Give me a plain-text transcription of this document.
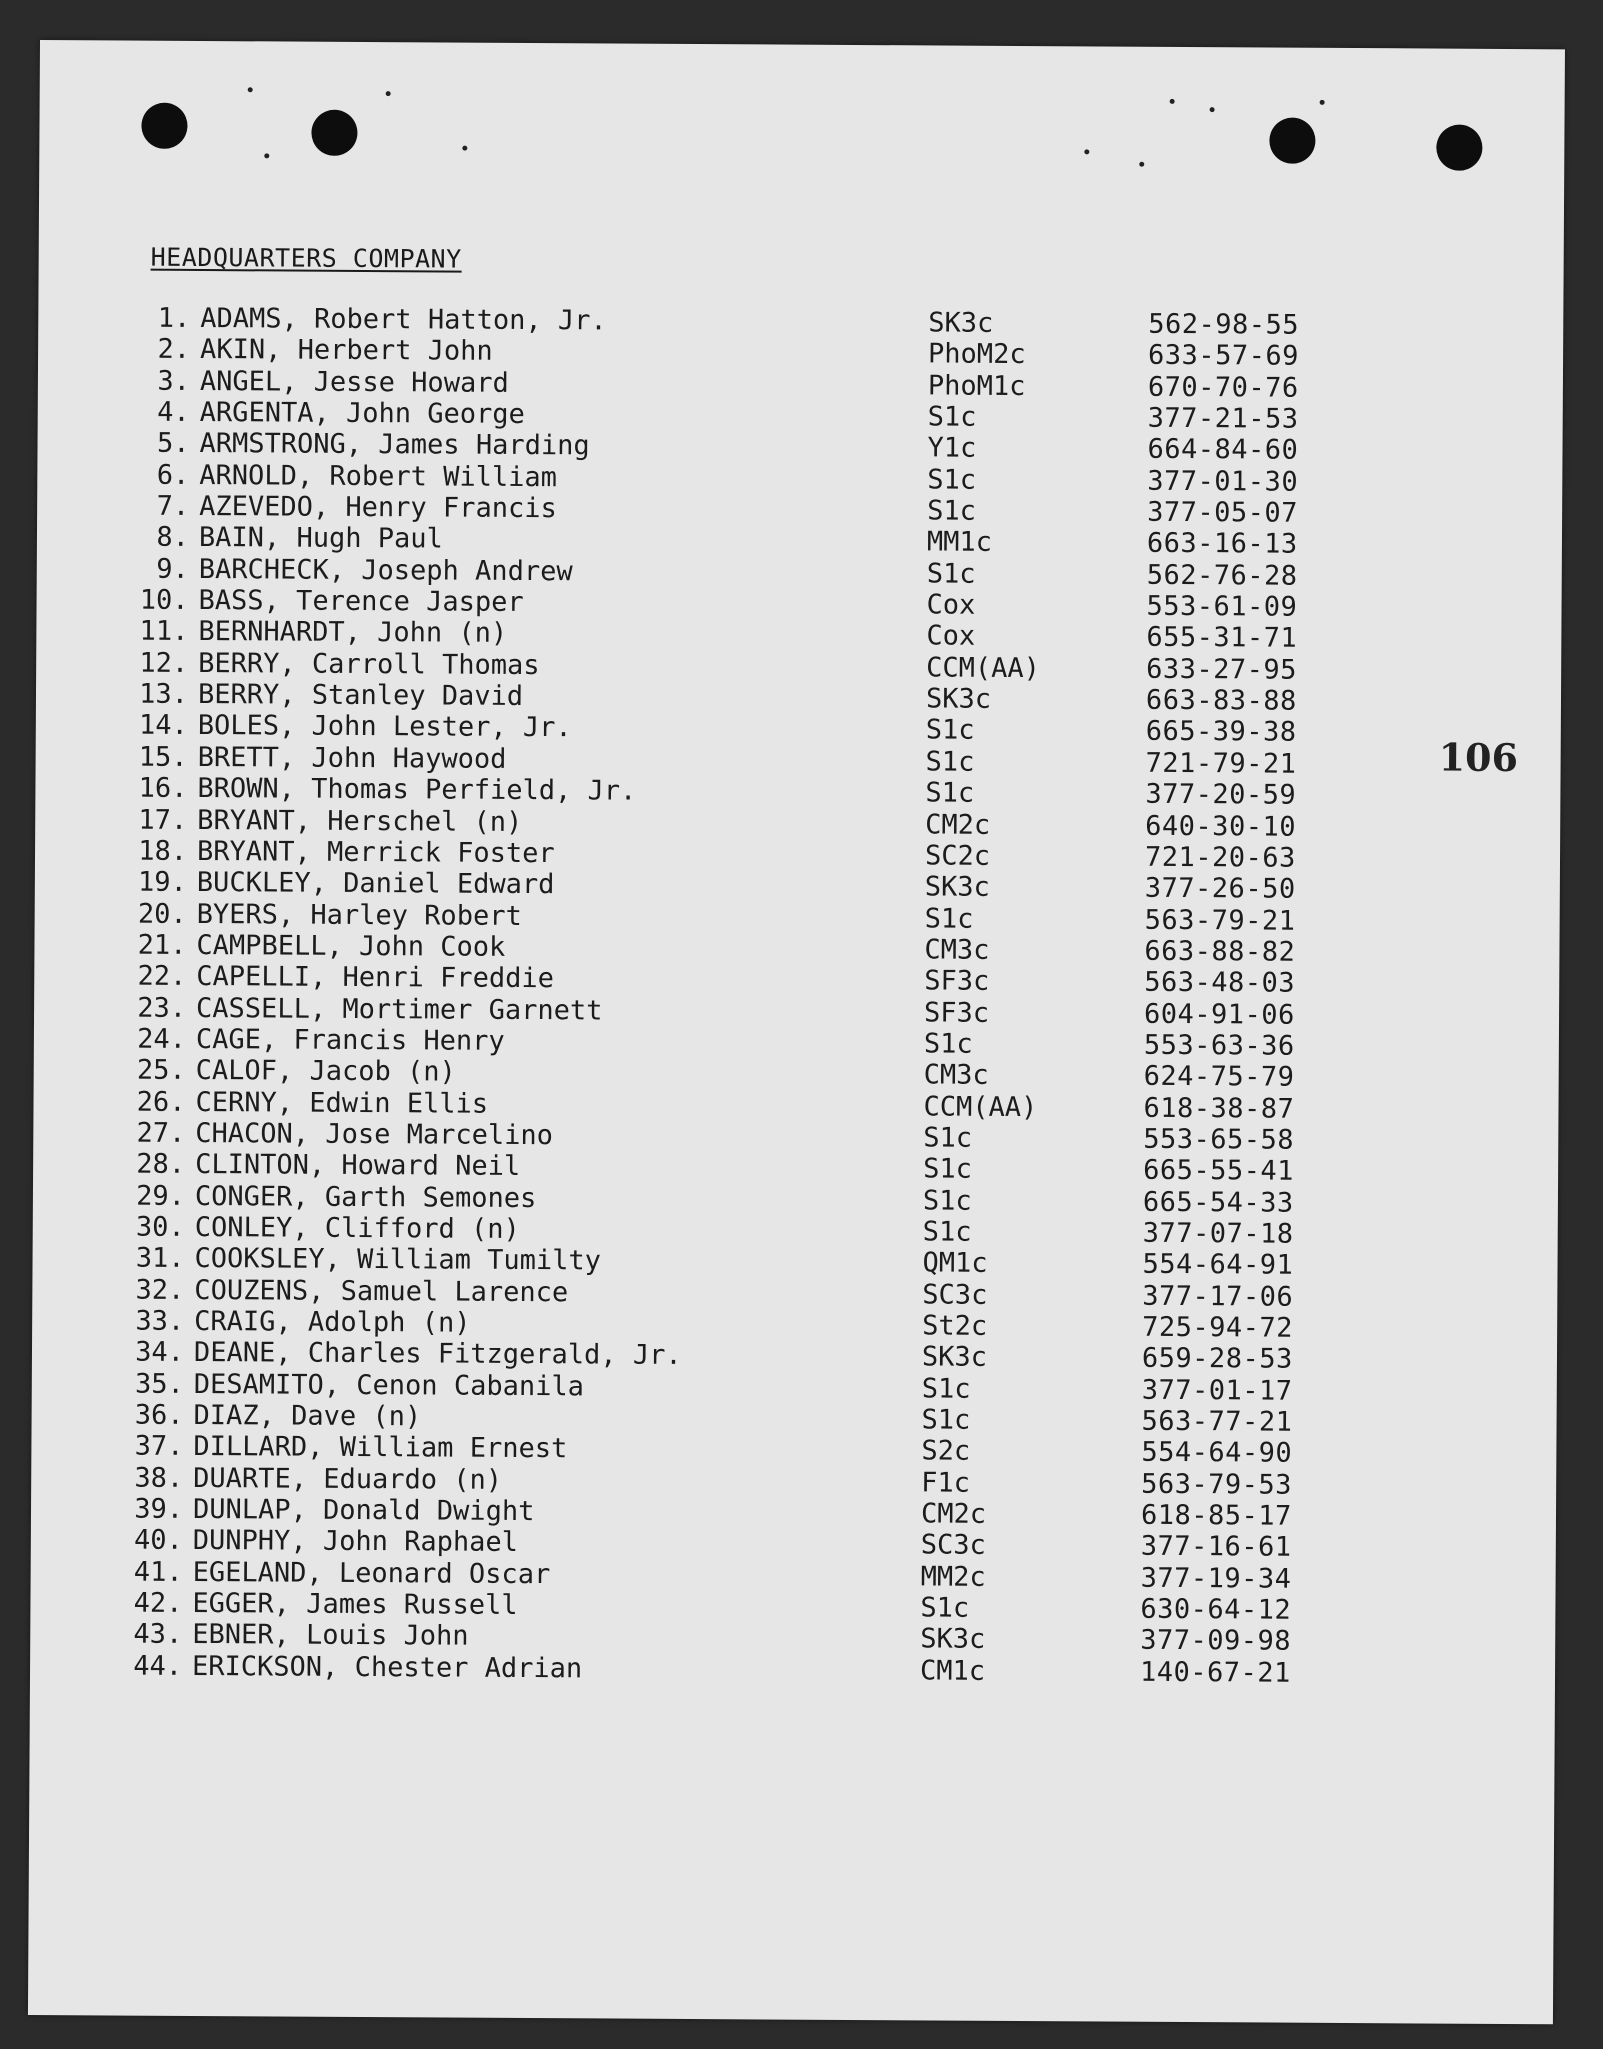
HEADQUARTERS COMPANY
1. ADAMS, Robert Hatton, Jr.	SK3c	562-98-55
2. AKIN, Herbert John	PhoM2c	633-57-69
3. ANGEL, Jesse Howard	PhoM1c	670-70-76
4. ARGENTA, John George	S1c	377-21-53
5. ARMSTRONG, James Harding	Y1c	664-84-60
6. ARNOLD, Robert William	S1c	377-01-30
7. AZEVEDO, Henry Francis	S1c	377-05-07
8. BAIN, Hugh Paul	MM1c	663-16-13
9. BARCHECK, Joseph Andrew	S1c	562-76-28
10. BASS, Terence Jasper	Cox	553-61-09
11. BERNHARDT, John (n)	Cox	655-31-71
12. BERRY, Carroll Thomas	CCM(AA)	633-27-95
13. BERRY, Stanley David	SK3c	663-83-88
14. BOLES, John Lester, Jr.	S1c	665-39-38
15. BRETT, John Haywood	S1c	721-79-21
16. BROWN, Thomas Perfield, Jr.	S1c	377-20-59
17. BRYANT, Herschel (n)	CM2c	640-30-10
18. BRYANT, Merrick Foster	SC2c	721-20-63
19. BUCKLEY, Daniel Edward	SK3c	377-26-50
20. BYERS, Harley Robert	S1c	563-79-21
21. CAMPBELL, John Cook	CM3c	663-88-82
22. CAPELLI, Henri Freddie	SF3c	563-48-03
23. CASSELL, Mortimer Garnett	SF3c	604-91-06
24. CAGE, Francis Henry	S1c	553-63-36
25. CALOF, Jacob (n)	CM3c	624-75-79
26. CERNY, Edwin Ellis	CCM(AA)	618-38-87
27. CHACON, Jose Marcelino	S1c	553-65-58
28. CLINTON, Howard Neil	S1c	665-55-41
29. CONGER, Garth Semones	S1c	665-54-33
30. CONLEY, Clifford (n)	S1c	377-07-18
31. COOKSLEY, William Tumilty	QM1c	554-64-91
32. COUZENS, Samuel Larence	SC3c	377-17-06
33. CRAIG, Adolph (n)	St2c	725-94-72
34. DEANE, Charles Fitzgerald, Jr.	SK3c	659-28-53
35. DESAMITO, Cenon Cabanila	S1c	377-01-17
36. DIAZ, Dave (n)	S1c	563-77-21
37. DILLARD, William Ernest	S2c	554-64-90
38. DUARTE, Eduardo (n)	F1c	563-79-53
39. DUNLAP, Donald Dwight	CM2c	618-85-17
40. DUNPHY, John Raphael	SC3c	377-16-61
41. EGELAND, Leonard Oscar	MM2c	377-19-34
42. EGGER, James Russell	S1c	630-64-12
43. EBNER, Louis John	SK3c	377-09-98
44. ERICKSON, Chester Adrian	CM1c	140-67-21
106
